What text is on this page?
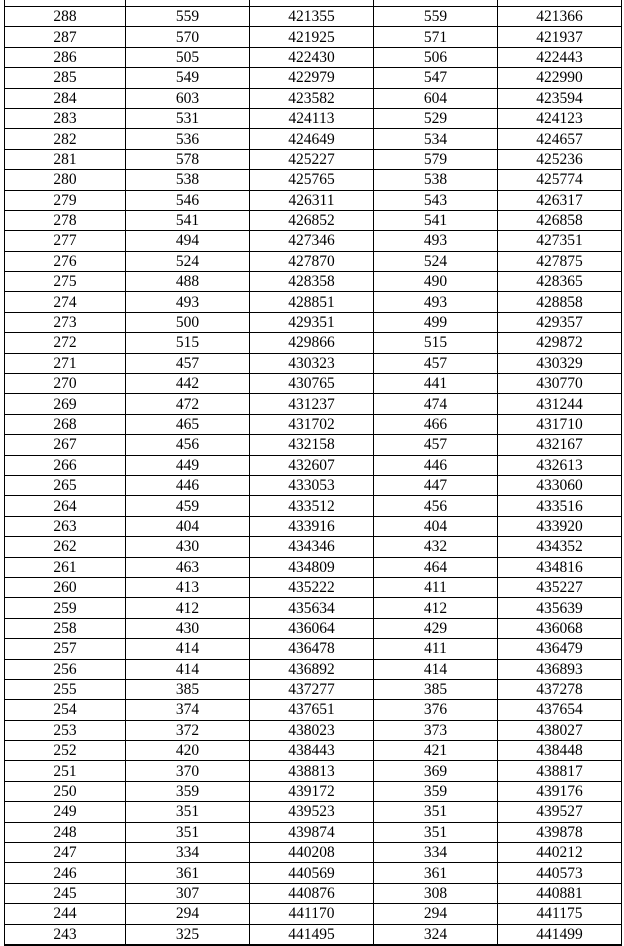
288	559	421355	559	421366
287	570	421925	571	421937
286	505	422430	506	422443
285	549	422979	547	422990
284	603	423582	604	423594
283	531	424113	529	424123
282	536	424649	534	424657
281	578	425227	579	425236
280	538	425765	538	425774
279	546	426311	543	426317
278	541	426852	541	426858
277	494	427346	493	427351
276	524	427870	524	427875
275	488	428358	490	428365
274	493	428851	493	428858
273	500	429351	499	429357
272	515	429866	515	429872
271	457	430323	457	430329
270	442	430765	441	430770
269	472	431237	474	431244
268	465	431702	466	431710
267	456	432158	457	432167
266	449	432607	446	432613
265	446	433053	447	433060
264	459	433512	456	433516
263	404	433916	404	433920
262	430	434346	432	434352
261	463	434809	464	434816
260	413	435222	411	435227
259	412	435634	412	435639
258	430	436064	429	436068
257	414	436478	411	436479
256	414	436892	414	436893
255	385	437277	385	437278
254	374	437651	376	437654
253	372	438023	373	438027
252	420	438443	421	438448
251	370	438813	369	438817
250	359	439172	359	439176
249	351	439523	351	439527
248	351	439874	351	439878
247	334	440208	334	440212
246	361	440569	361	440573
245	307	440876	308	440881
244	294	441170	294	441175
243	325	441495	324	441499
